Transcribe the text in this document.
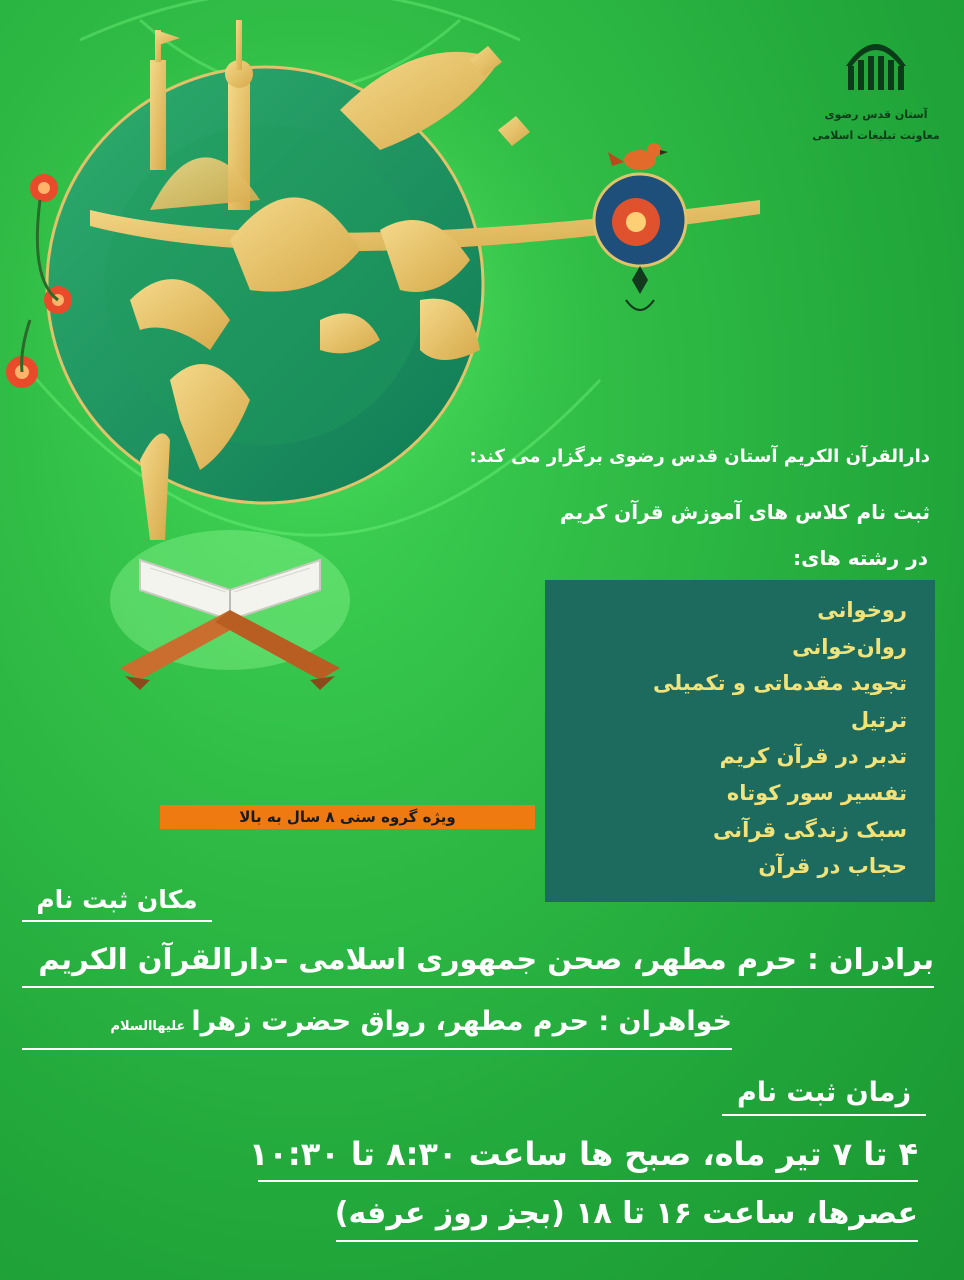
آستان قدس رضوی
معاونت تبلیغات اسلامی
دارالقرآن الکریم آستان قدس رضوی برگزار می کند:
ثبت نام کلاس های آموزش قرآن کریم
در رشته های:
روخوانی
روان‌خوانی
تجوید مقدماتی و تکمیلی
ترتیل
تدبر در قرآن کریم
تفسیر سور کوتاه
سبک زندگی قرآنی
حجاب در قرآن
ویژه گروه سنی ۸ سال به بالا
مکان ثبت نام
برادران : حرم مطهر، صحن جمهوری اسلامی –دارالقرآن الکریم
خواهران : حرم مطهر، رواق حضرت زهراعلیهاالسلام
زمان ثبت نام
۴ تا ۷ تیر ماه، صبح ها ساعت ۸:۳۰ تا ۱۰:۳۰
عصرها، ساعت ۱۶ تا ۱۸ (بجز روز عرفه)
